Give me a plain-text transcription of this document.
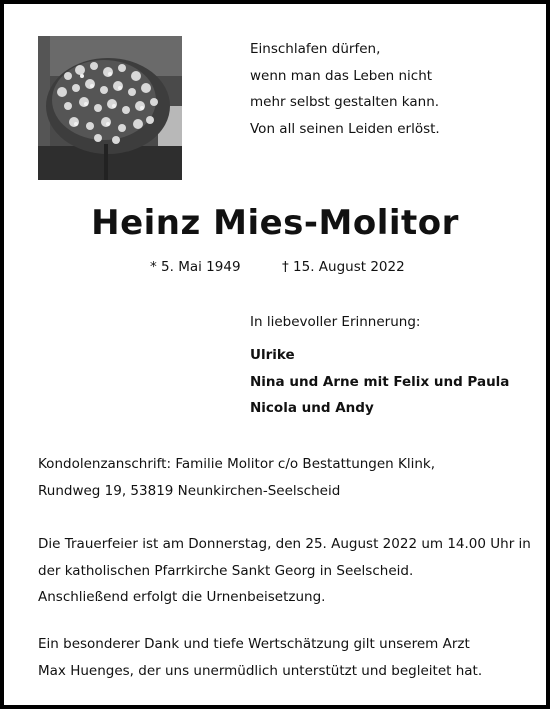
Einschlafen dürfen,
wenn man das Leben nicht
mehr selbst gestalten kann.
Von all seinen Leiden erlöst.
Heinz Mies-Molitor
* 5. Mai 1949	† 15. August 2022
In liebevoller Erinnerung:
Ulrike
Nina und Arne mit Felix und Paula
Nicola und Andy
Kondolenzanschrift: Familie Molitor c/o Bestattungen Klink,
Rundweg 19, 53819 Neunkirchen-Seelscheid
Die Trauerfeier ist am Donnerstag, den 25. August 2022 um 14.00 Uhr in
der katholischen Pfarrkirche Sankt Georg in Seelscheid.
Anschließend erfolgt die Urnenbeisetzung.
Ein besonderer Dank und tiefe Wertschätzung gilt unserem Arzt
Max Huenges, der uns unermüdlich unterstützt und begleitet hat.
